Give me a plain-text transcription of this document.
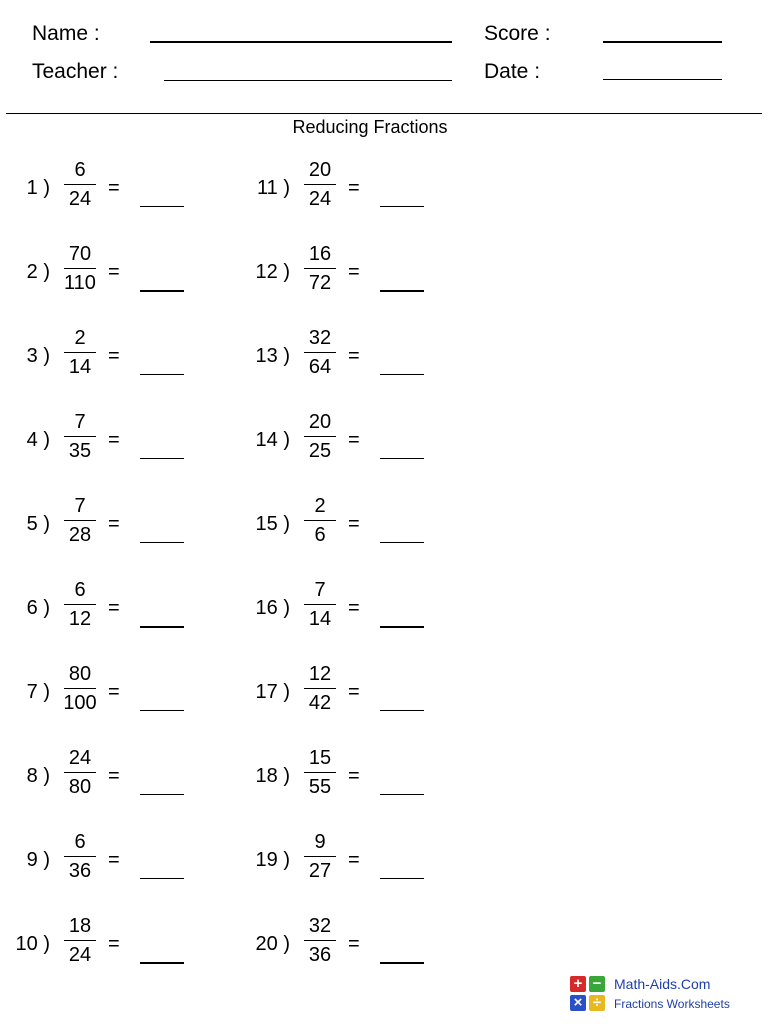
Name :
Teacher :
Score :
Date :
Reducing Fractions
1 )
6
24 =
2 )
70
110 =
3 )
2
14 =
4 )
7
35 =
5 )
7
28 =
6 )
6
12 =
7 )
80
100 =
8 )
24
80 =
9 )
6
36 =
10 )
18
24 =
11 )
20
24 =
12 )
16
72 =
13 )
32
64 =
14 )
20
25 =
15 )
2
6	=
16 )
7
14 =
17 )
12
42 =
18 )
15
55 =
19 )
9
27 =
20 )
32
36 =
+ −
× ÷
Math-Aids.Com
Fractions Worksheets
